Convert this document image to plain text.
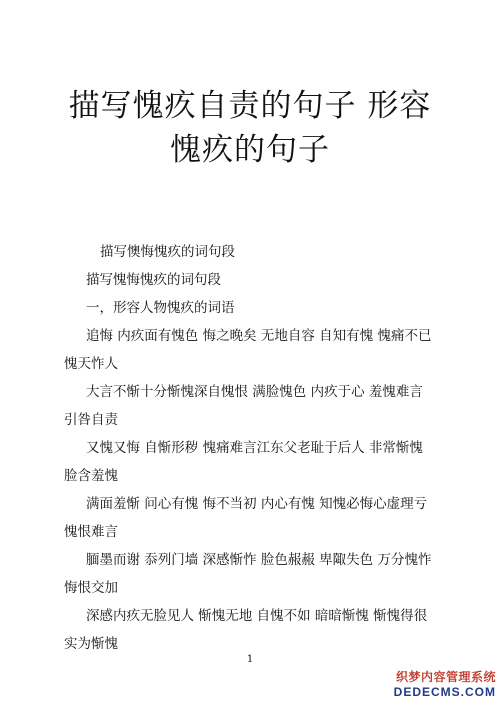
描写愧疚自责的句子 形容
愧疚的句子

描写懊悔愧疚的词句段

描写愧悔愧疚的词句段

一，形容人物愧疚的词语

追悔 内疚面有愧色 悔之晚矣 无地自容 自知有愧 愧痛不已 愧天怍人

大言不惭十分惭愧深自愧恨 满脸愧色 内疚于心 羞愧难言引咎自责

又愧又悔 自惭形秽 愧痛难言江东父老耻于后人 非常惭愧脸含羞愧

满面羞惭 问心有愧 悔不当初 内心有愧 知愧必悔心虚理亏愧恨难言

腼墨而谢 忝列门墙 深感惭怍 脸色赧赧 卑陬失色 万分愧怍悔恨交加

深感内疚无脸见人 惭愧无地 自愧不如 暗暗惭愧 惭愧得很实为惭愧

1
织梦内容管理系统
DEDECMS.COM
